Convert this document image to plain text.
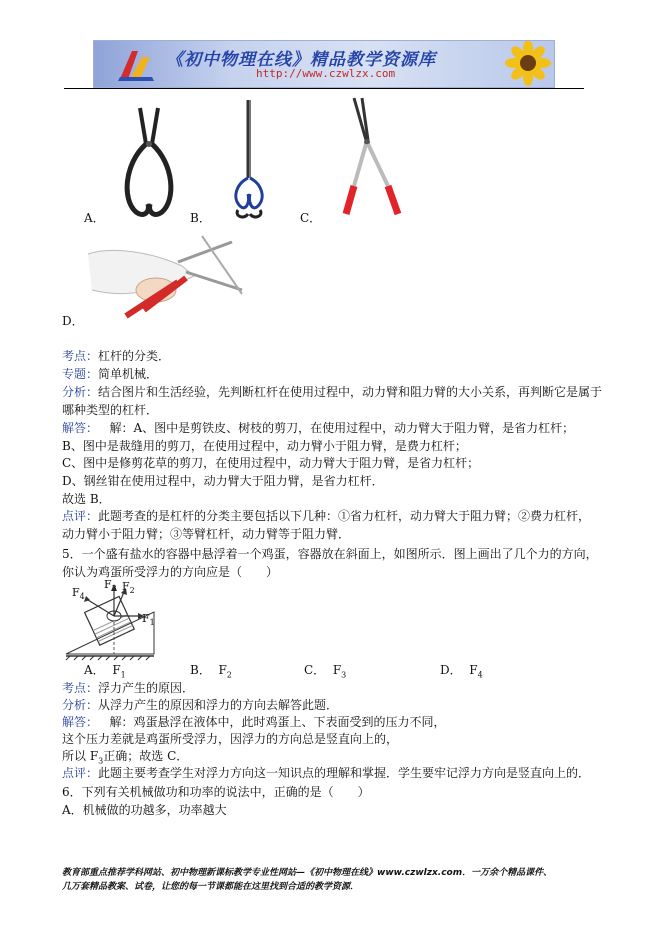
《初中物理在线》精品教学资源库
http://www.czwlzx.com
A．	B．	C．
D．
考点：杠杆的分类．
专题：简单机械．
分析：结合图片和生活经验，先判断杠杆在使用过程中，动力臂和阻力臂的大小关系，再判断它是属于
哪种类型的杠杆．
解答： 解：A、图中是剪铁皮、树枝的剪刀，在使用过程中，动力臂大于阻力臂，是省力杠杆；
B、图中是裁缝用的剪刀，在使用过程中，动力臂小于阻力臂，是费力杠杆；
C、图中是修剪花草的剪刀，在使用过程中，动力臂大于阻力臂，是省力杠杆；
D、钢丝钳在使用过程中，动力臂大于阻力臂，是省力杠杆．
故选 B．
点评：此题考查的是杠杆的分类主要包括以下几种：①省力杠杆，动力臂大于阻力臂；②费力杠杆，
动力臂小于阻力臂；③等臂杠杆，动力臂等于阻力臂．
5．一个盛有盐水的容器中悬浮着一个鸡蛋，容器放在斜面上，如图所示．图上画出了几个力的方向，
你认为鸡蛋所受浮力的方向应是（　　）
$F_3$ $F_2$
$F_4$
$F_1$
A． $F_1$	B． $F_2$	C． $F_3$	D． $F_4$
考点：浮力产生的原因．
分析：从浮力产生的原因和浮力的方向去解答此题．
解答： 解：鸡蛋悬浮在液体中，此时鸡蛋上、下表面受到的压力不同，
这个压力差就是鸡蛋所受浮力，因浮力的方向总是竖直向上的，
所以 $F_3$正确；故选 C．
点评：此题主要考查学生对浮力方向这一知识点的理解和掌握．学生要牢记浮力方向是竖直向上的．
6．下列有关机械做功和功率的说法中，正确的是（　　）
A．机械做的功越多，功率越大
教育部重点推荐学科网站、初中物理新课标教学专业性网站—《初中物理在线》www.czwlzx.com．一万余个精品课件、
几万套精品教案、试卷，让您的每一节课都能在这里找到合适的教学资源．
